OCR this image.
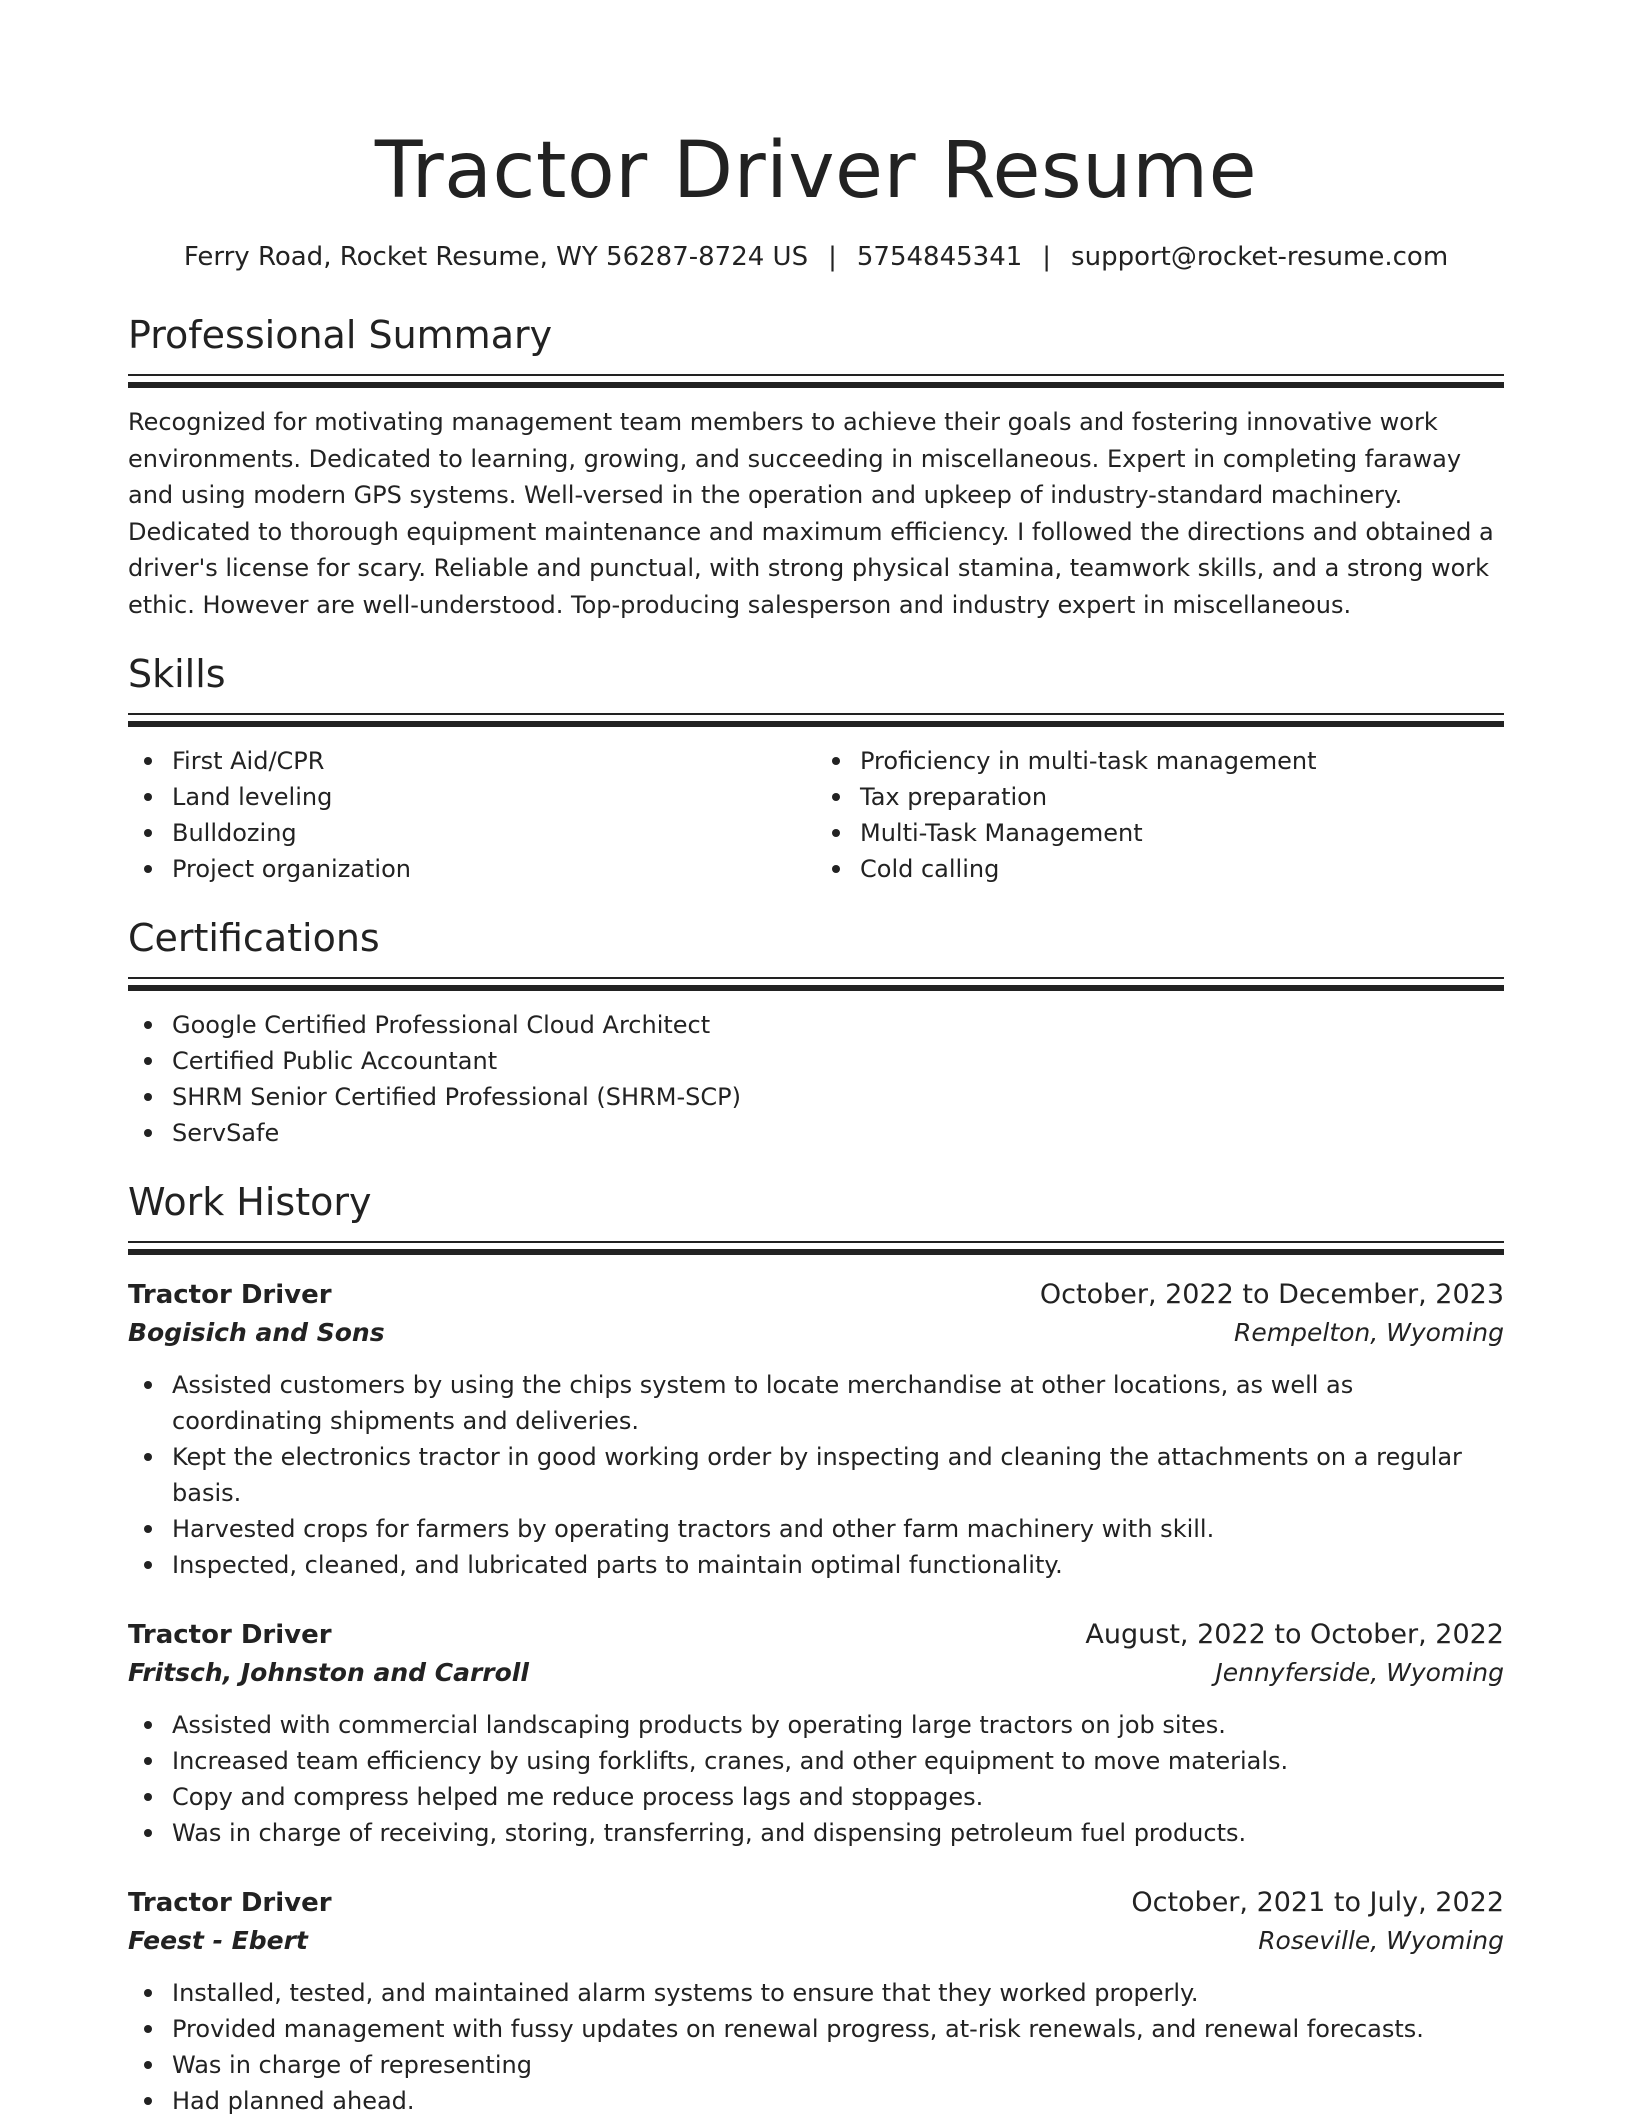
Tractor Driver Resume
Ferry Road, Rocket Resume, WY 56287-8724 US | 5754845341 | support@rocket-resume.com
Professional Summary

Recognized for motivating management team members to achieve their goals and fostering innovative work environments. Dedicated to learning, growing, and succeeding in miscellaneous. Expert in completing faraway and using modern GPS systems. Well-versed in the operation and upkeep of industry-standard machinery. Dedicated to thorough equipment maintenance and maximum efficiency. I followed the directions and obtained a driver's license for scary. Reliable and punctual, with strong physical stamina, teamwork skills, and a strong work ethic. However are well-understood. Top-producing salesperson and industry expert in miscellaneous.

Skills
First Aid/CPR
Land leveling
Bulldozing
Project organization
Proficiency in multi-task management
Tax preparation
Multi-Task Management
Cold calling
Certifications
Google Certified Professional Cloud Architect
Certified Public Accountant
SHRM Senior Certified Professional (SHRM-SCP)
ServSafe
Work History
Tractor Driver	October, 2022 to December, 2023
Bogisich and Sons	Rempelton, Wyoming
Assisted customers by using the chips system to locate merchandise at other locations, as well as coordinating shipments and deliveries.
Kept the electronics tractor in good working order by inspecting and cleaning the attachments on a regular basis.
Harvested crops for farmers by operating tractors and other farm machinery with skill.
Inspected, cleaned, and lubricated parts to maintain optimal functionality.
Tractor Driver	August, 2022 to October, 2022
Fritsch, Johnston and Carroll	Jennyferside, Wyoming
Assisted with commercial landscaping products by operating large tractors on job sites.
Increased team efficiency by using forklifts, cranes, and other equipment to move materials.
Copy and compress helped me reduce process lags and stoppages.
Was in charge of receiving, storing, transferring, and dispensing petroleum fuel products.
Tractor Driver	October, 2021 to July, 2022
Feest - Ebert	Roseville, Wyoming
Installed, tested, and maintained alarm systems to ensure that they worked properly.
Provided management with fussy updates on renewal progress, at-risk renewals, and renewal forecasts.
Was in charge of representing
Had planned ahead.
